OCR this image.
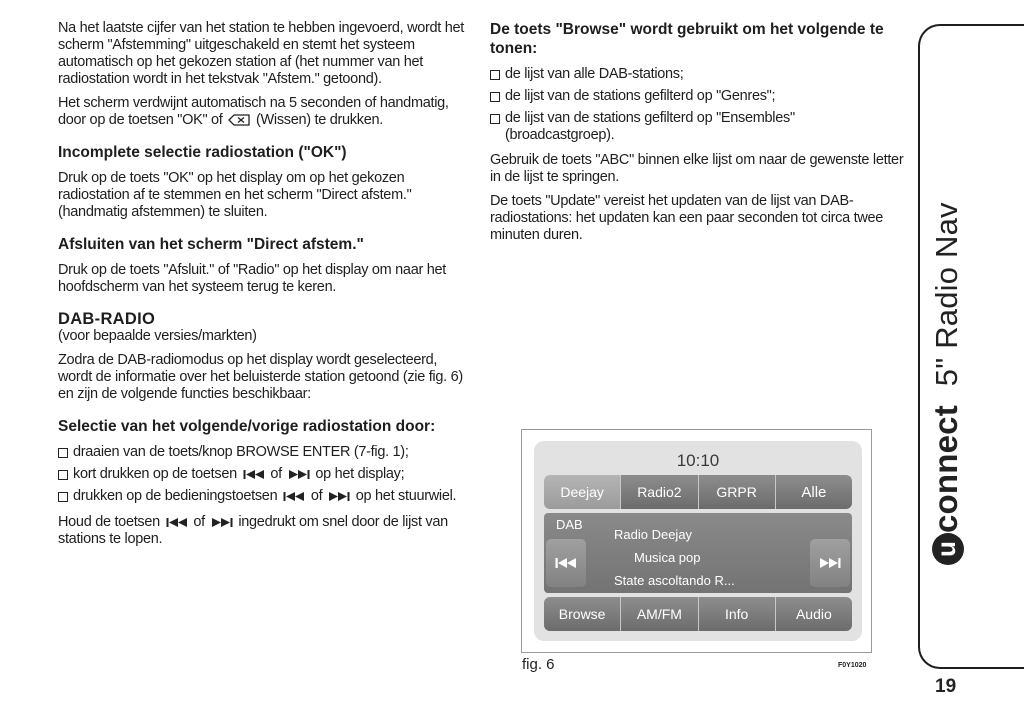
Na het laatste cijfer van het station te hebben ingevoerd, wordt het scherm "Afstemming" uitgeschakeld en stemt het systeem automatisch op het gekozen station af (het nummer van het radiostation wordt in het tekstvak "Afstem." getoond).

Het scherm verdwijnt automatisch na 5 seconden of handmatig, door op de toetsen "OK" of (Wissen) te drukken.

Incomplete selectie radiostation ("OK")

Druk op de toets "OK" op het display om op het gekozen radiostation af te stemmen en het scherm "Direct afstem." (handmatig afstemmen) te sluiten.

Afsluiten van het scherm "Direct afstem."

Druk op de toets "Afsluit." of "Radio" op het display om naar het hoofdscherm van het systeem terug te keren.

DAB-RADIO
(voor bepaalde versies/markten)

Zodra de DAB-radiomodus op het display wordt geselecteerd, wordt de informatie over het beluisterde station getoond (zie fig. 6) en zijn de volgende functies beschikbaar:

Selectie van het volgende/vorige radiostation door:
draaien van de toets/knop BROWSE ENTER (7-fig. 1);
kort drukken op de toetsen of op het display;
drukken op de bedieningstoetsen of op het stuurwiel.

Houd de toetsen of ingedrukt om snel door de lijst van stations te lopen.

De toets "Browse" wordt gebruikt om het volgende te tonen:
de lijst van alle DAB-stations;
de lijst van de stations gefilterd op "Genres";
de lijst van de stations gefilterd op "Ensembles" (broadcastgroep).

Gebruik de toets "ABC" binnen elke lijst om naar de gewenste letter in de lijst te springen.

De toets "Update" vereist het updaten van de lijst van DAB-radiostations: het updaten kan een paar seconden tot circa twee minuten duren.

10:10
Deejay	Radio2	GRPR	Alle
DAB
Radio Deejay
Musica pop
State ascoltando R...
Browse	AM/FM	Info	Audio
fig. 6	F0Y1020
uconnect 5" Radio Nav
19
